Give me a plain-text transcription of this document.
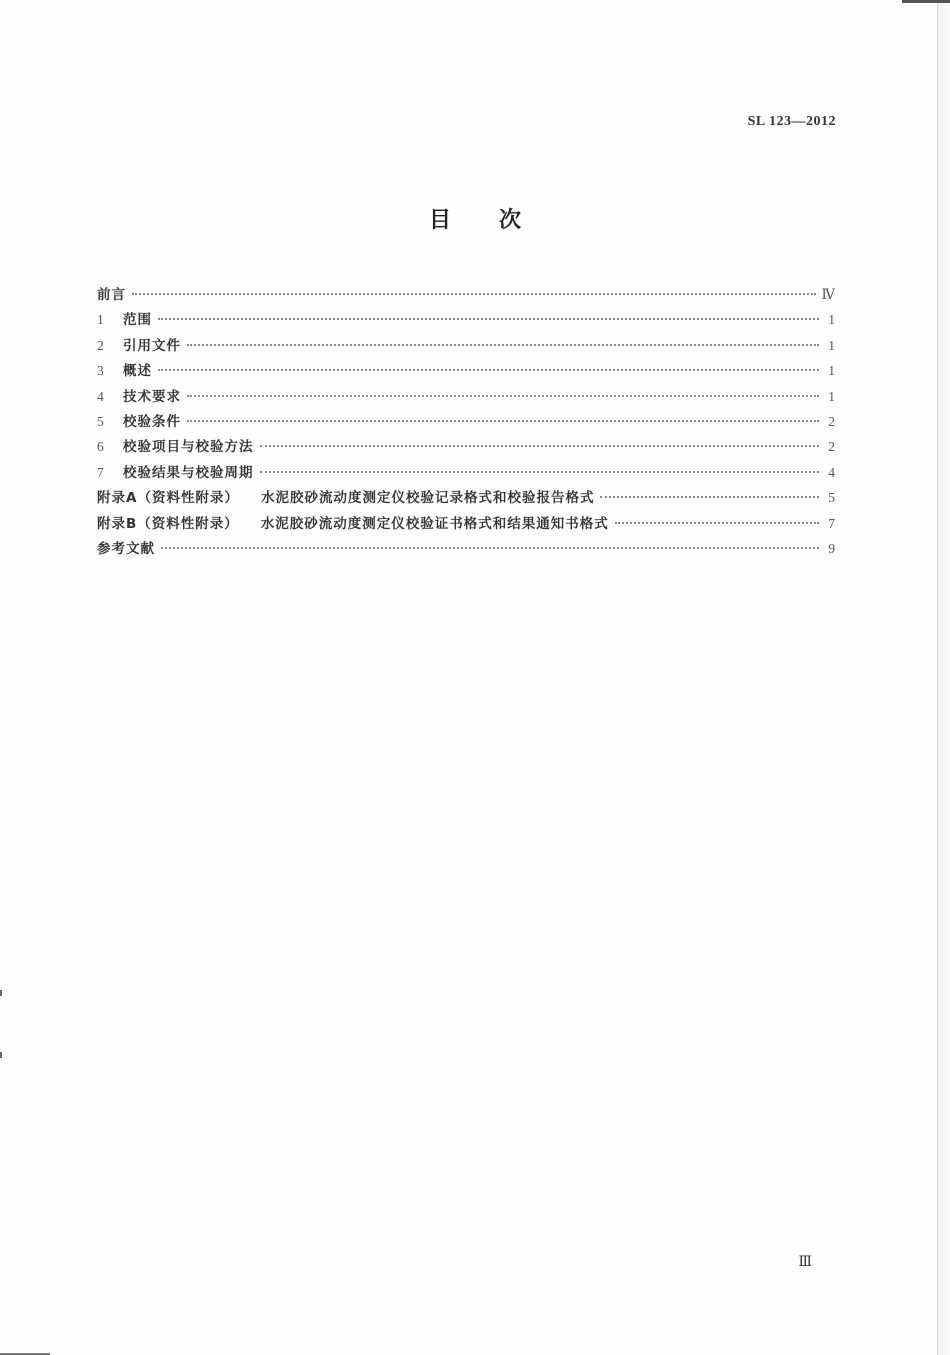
SL 123—2012
目次
前言	Ⅳ
1	范围	1
2	引用文件	1
3	概述	1
4	技术要求	1
5	校验条件	2
6	校验项目与校验方法	2
7	校验结果与校验周期	4
附录A（资料性附录） 水泥胶砂流动度测定仪校验记录格式和校验报告格式	5
附录B（资料性附录） 水泥胶砂流动度测定仪校验证书格式和结果通知书格式	7
参考文献	9
Ⅲ
